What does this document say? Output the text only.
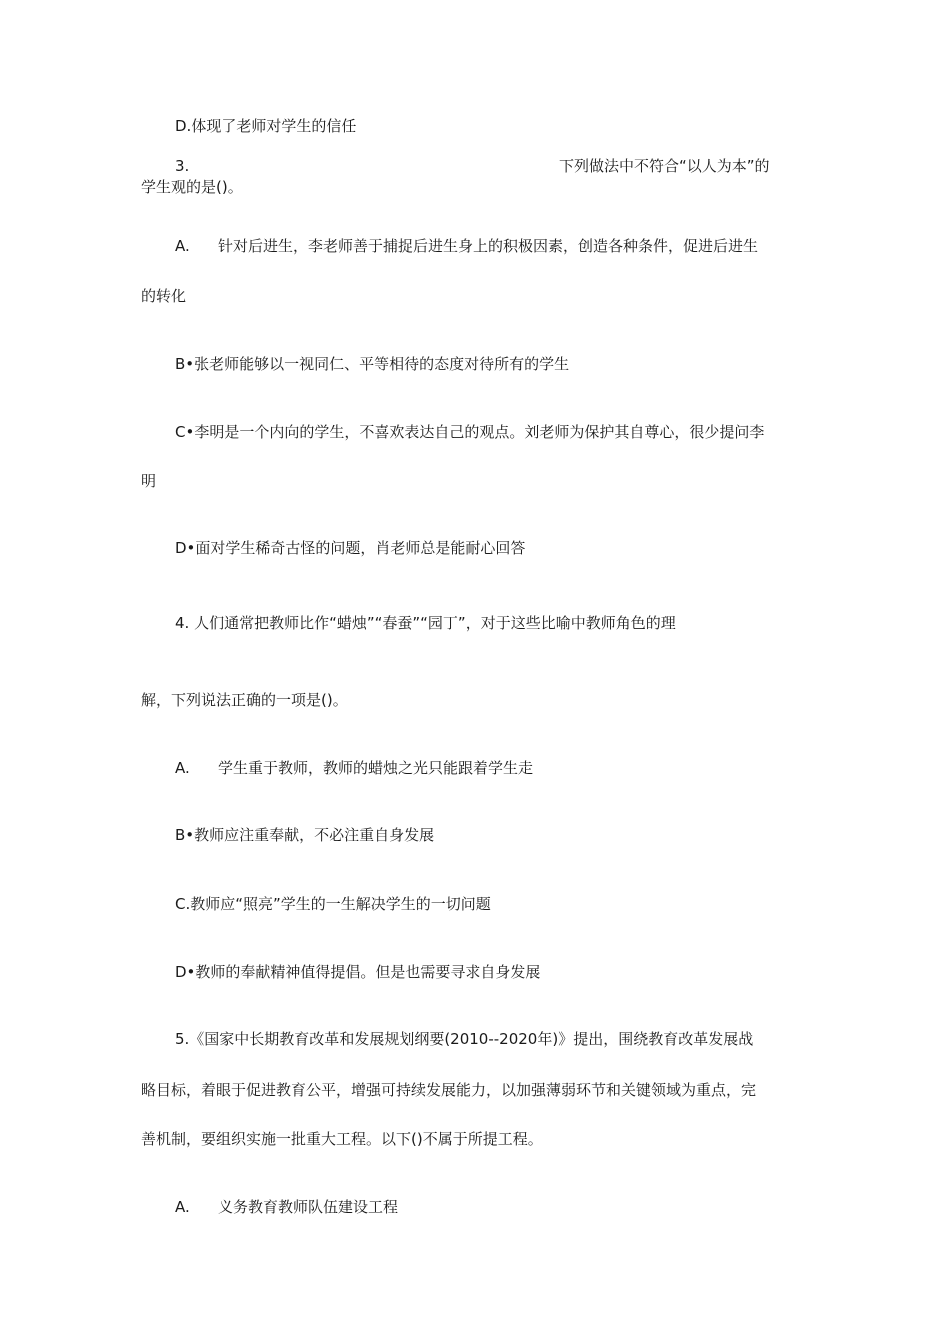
D.体现了老师对学生的信任
3.	下列做法中不符合“以人为本”的
学生观的是()。
A. 针对后进生，李老师善于捕捉后进生身上的积极因素，创造各种条件，促进后进生
的转化
B•张老师能够以一视同仁、平等相待的态度对待所有的学生
C•李明是一个内向的学生，不喜欢表达自己的观点。刘老师为保护其自尊心，很少提问李
明
D•面对学生稀奇古怪的问题，肖老师总是能耐心回答
4. 人们通常把教师比作“蜡烛”“春蚕”“园丁”，对于这些比喻中教师角色的理
解，下列说法正确的一项是()。
A. 学生重于教师，教师的蜡烛之光只能跟着学生走
B•教师应注重奉献，不必注重自身发展
C.教师应“照亮”学生的一生解决学生的一切问题
D•教师的奉献精神值得提倡。但是也需要寻求自身发展
5.《国家中长期教育改革和发展规划纲要(2010--2020年)》提出，围绕教育改革发展战
略目标，着眼于促进教育公平，增强可持续发展能力，以加强薄弱环节和关键领域为重点，完
善机制，要组织实施一批重大工程。以下()不属于所提工程。
A. 义务教育教师队伍建设工程
